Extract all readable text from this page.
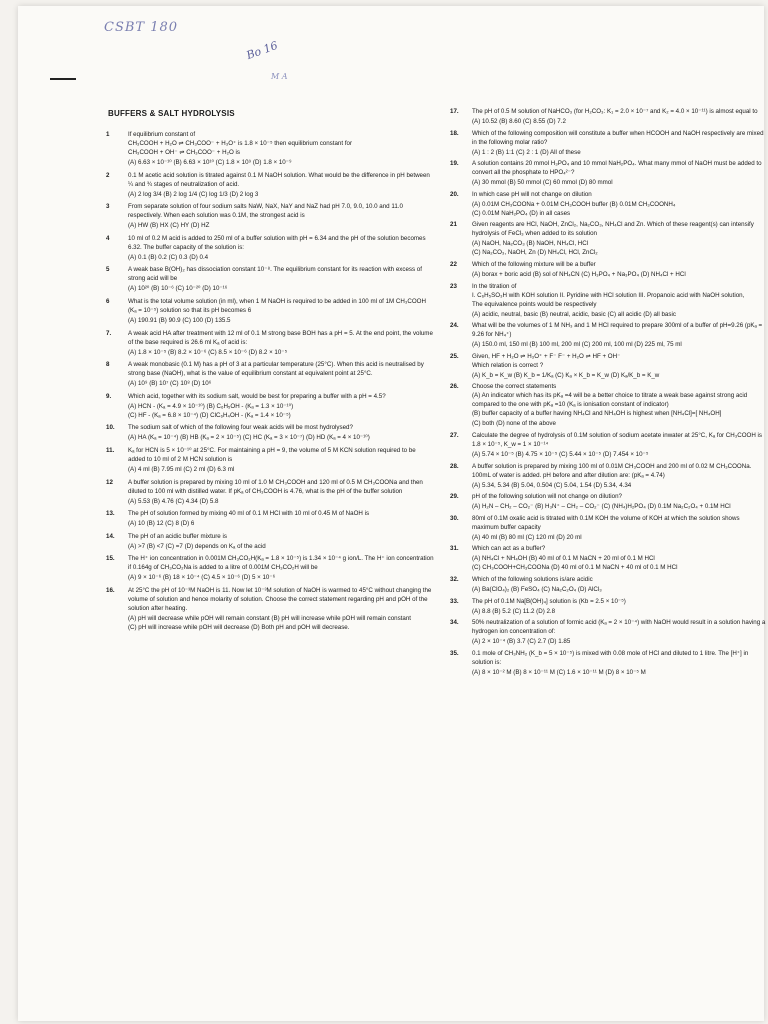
CSBT 180
Bo 16
M A
BUFFERS & SALT HYDROLYSIS
1	If equilibrium constant of
CH₃COOH + H₂O ⇌ CH₃COO⁻ + H₃O⁺ is 1.8 × 10⁻⁵ then equilibrium constant for
CH₃COOH + OH⁻ ⇌ CH₃COO⁻ + H₂O is
(A) 6.63 × 10⁻¹⁰ (B) 6.63 × 10¹⁰ (C) 1.8 × 10⁹ (D) 1.8 × 10⁻⁹
2	0.1 M acetic acid solution is titrated against 0.1 M NaOH solution. What would be the difference in pH between ¼ and ¾ stages of neutralization of acid.
(A) 2 log 3/4 (B) 2 log 1/4 (C) log 1/3 (D) 2 log 3
3	From separate solution of four sodium salts NaW, NaX, NaY and NaZ had pH 7.0, 9.0, 10.0 and 11.0 respectively. When each solution was 0.1M, the strongest acid is
(A) HW (B) HX (C) HY (D) HZ
4	10 ml of 0.2 M acid is added to 250 ml of a buffer solution with pH = 6.34 and the pH of the solution becomes 6.32. The buffer capacity of the solution is:
(A) 0.1 (B) 0.2 (C) 0.3 (D) 0.4
5	A weak base B(OH)₂ has dissociation constant 10⁻⁸. The equilibrium constant for its reaction with excess of strong acid will be
(A) 10²⁰ (B) 10⁻⁶ (C) 10⁻²⁰ (D) 10⁻¹⁶
6	What is the total volume solution (in ml), when 1 M NaOH is required to be added in 100 ml of 1M CH₃COOH (Kₐ = 10⁻⁵) solution so that its pH becomes 6
(A) 190.91 (B) 90.9 (C) 100 (D) 135.5
7.	A weak acid HA after treatment with 12 ml of 0.1 M strong base BOH has a pH = 5. At the end point, the volume of the base required is 26.6 ml Kₐ of acid is:
(A) 1.8 × 10⁻⁵ (B) 8.2 × 10⁻⁶ (C) 8.5 × 10⁻⁶ (D) 8.2 × 10⁻⁵
8	A weak monobasic (0.1 M) has a pH of 3 at a particular temperature (25°C). When this acid is neutralised by strong base (NaOH), what is the value of equilibrium constant at equivalent point at 25°C.
(A) 10⁹ (B) 10⁷ (C) 10⁸ (D) 10⁶
9.	Which acid, together with its sodium salt, would be best for preparing a buffer with a pH = 4.5?
(A) HCN - (Kₐ = 4.9 × 10⁻¹⁰) (B) C₆H₅OH - (Kₐ = 1.3 × 10⁻¹⁰)
(C) HF - (Kₐ = 6.8 × 10⁻⁴) (D) ClC₆H₄OH - (Kₐ = 1.4 × 10⁻⁵)
10.	The sodium salt of which of the following four weak acids will be most hydrolysed?
(A) HA (Kₐ = 10⁻⁴) (B) HB (Kₐ = 2 × 10⁻⁵) (C) HC (Kₐ = 3 × 10⁻⁷) (D) HD (Kₐ = 4 × 10⁻¹⁰)
11.	Kₐ for HCN is 5 × 10⁻¹⁰ at 25°C. For maintaining a pH = 9, the volume of 5 M KCN solution required to be added to 10 ml of 2 M HCN solution is
(A) 4 ml (B) 7.95 ml (C) 2 ml (D) 6.3 ml
12	A buffer solution is prepared by mixing 10 ml of 1.0 M CH₃COOH and 120 ml of 0.5 M CH₃COONa and then diluted to 100 ml with distilled water. If pKₐ of CH₃COOH is 4.76, what is the pH of the buffer solution
(A) 5.53 (B) 4.76 (C) 4.34 (D) 5.8
13.	The pH of solution formed by mixing 40 ml of 0.1 M HCl with 10 ml of 0.45 M of NaOH is
(A) 10 (B) 12 (C) 8 (D) 6
14.	The pH of an acidic buffer mixture is
(A) >7 (B) <7 (C) =7 (D) depends on Kₐ of the acid
15.	The H⁺ ion concentration in 0.001M CH₃CO₂H(Kₐ = 1.8 × 10⁻⁵) is 1.34 × 10⁻⁴ g ion/L. The H⁺ ion concentration if 0.164g of CH₃CO₂Na is added to a litre of 0.001M CH₃CO₂H will be
(A) 9 × 10⁻⁶ (B) 18 × 10⁻⁴ (C) 4.5 × 10⁻⁶ (D) 5 × 10⁻⁶
16.	At 25°C the pH of 10⁻³M NaOH is 11. Now let 10⁻³M solution of NaOH is warmed to 45°C without changing the volume of solution and hence molarity of solution. Choose the correct statement regarding pH and pOH of the solution after heating.
(A) pH will decrease while pOH will remain constant (B) pH will increase while pOH will remain constant
(C) pH will increase while pOH will decrease (D) Both pH and pOH will decrease.
17.	The pH of 0.5 M solution of NaHCO₃ (for H₂CO₃: K₁ = 2.0 × 10⁻⁷ and K₂ = 4.0 × 10⁻¹¹) is almost equal to
(A) 10.52 (B) 8.60 (C) 8.55 (D) 7.2
18.	Which of the following composition will constitute a buffer when HCOOH and NaOH respectively are mixed in the following molar ratio?
(A) 1 : 2 (B) 1:1 (C) 2 : 1 (D) All of these
19.	A solution contains 20 mmol H₃PO₄ and 10 mmol NaH₂PO₄. What many mmol of NaOH must be added to convert all the phosphate to HPO₄²⁻?
(A) 30 mmol (B) 50 mmol (C) 60 mmol (D) 80 mmol
20.	In which case pH will not change on dilution
(A) 0.01M CH₃COONa + 0.01M CH₃COOH buffer (B) 0.01M CH₃COONH₄
(C) 0.01M NaH₂PO₄ (D) in all cases
21	Given reagents are HCl, NaOH, ZnCl₂, Na₂CO₃, NH₄Cl and Zn. Which of these reagent(s) can intensify hydrolysis of FeCl₃ when added to its solution
(A) NaOH, Na₂CO₃ (B) NaOH, NH₄Cl, HCl
(C) Na₂CO₃, NaOH, Zn (D) NH₄Cl, HCl, ZnCl₂
22	Which of the following mixture will be a buffer
(A) borax + boric acid (B) sol of NH₄CN (C) H₃PO₄ + Na₃PO₄ (D) NH₄Cl + HCl
23	In the titration of
I. C₆H₅SO₃H with KOH solution II. Pyridine with HCl solution III. Propanoic acid with NaOH solution,
The equivalence points would be respectively
(A) acidic, neutral, basic (B) neutral, acidic, basic (C) all acidic (D) all basic
24.	What will be the volumes of 1 M NH₃ and 1 M HCl required to prepare 300ml of a buffer of pH=9.26 (pKₐ = 9.26 for NH₄⁺)
(A) 150.0 ml, 150 ml (B) 100 ml, 200 ml (C) 200 ml, 100 ml (D) 225 ml, 75 ml
25.	Given, HF + H₂O ⇌ H₃O⁺ + F⁻ F⁻ + H₂O ⇌ HF + OH⁻
Which relation is correct ?
(A) K_b = K_w (B) K_b = 1/Kₐ (C) Kₐ × K_b = K_w (D) Kₐ/K_b = K_w
26.	Choose the correct statements
(A) An indicator which has its pKₐ =4 will be a better choice to titrate a weak base against strong acid compared to the one with pKₐ =10 (Kₐ is ionisation constant of indicator)
(B) buffer capacity of a buffer having NH₄Cl and NH₄OH is highest when [NH₄Cl]=[ NH₄OH]
(C) both (D) none of the above
27.	Calculate the degree of hydrolysis of 0.1M solution of sodium acetate inwater at 25°C, Kₐ for CH₃COOH is 1.8 × 10⁻⁵, K_w = 1 × 10⁻¹⁴
(A) 5.74 × 10⁻⁵ (B) 4.75 × 10⁻⁵ (C) 5.44 × 10⁻⁵ (D) 7.454 × 10⁻⁵
28.	A buffer solution is prepared by mixing 100 ml of 0.01M CH₃COOH and 200 ml of 0.02 M CH₃COONa. 100mL of water is added. pH before and after dilution are: (pKₐ = 4.74)
(A) 5.34, 5.34 (B) 5.04, 0.504 (C) 5.04, 1.54 (D) 5.34, 4.34
29.	pH of the following solution will not change on dilution?
(A) H₂N – CH₂ – CO₂⁻ (B) H₃N⁺ – CH₂ – CO₂⁻ (C) (NH₄)H₂PO₄ (D) 0.1M Na₂C₂O₄ + 0.1M HCl
30.	80ml of 0.1M oxalic acid is titrated with 0.1M KOH the volume of KOH at which the solution shows maximum buffer capacity
(A) 40 ml (B) 80 ml (C) 120 ml (D) 20 ml
31.	Which can act as a buffer?
(A) NH₄Cl + NH₄OH (B) 40 ml of 0.1 M NaCN + 20 ml of 0.1 M HCl
(C) CH₃COOH+CH₃COONa (D) 40 ml of 0.1 M NaCN + 40 ml of 0.1 M HCl
32.	Which of the following solutions is/are acidic
(A) Ba(ClO₄)₂ (B) FeSO₄ (C) Na₂C₂O₄ (D) AlCl₃
33.	The pH of 0.1M Na[B(OH)₄] solution is (Kb = 2.5 × 10⁻⁵)
(A) 8.8 (B) 5.2 (C) 11.2 (D) 2.8
34.	50% neutralization of a solution of formic acid (Kₐ = 2 × 10⁻⁴) with NaOH would result in a solution having a hydrogen ion concentration of:
(A) 2 × 10⁻⁴ (B) 3.7 (C) 2.7 (D) 1.85
35.	0.1 mole of CH₃NH₂ (K_b = 5 × 10⁻⁵) is mixed with 0.08 mole of HCl and diluted to 1 litre. The [H⁺] in solution is:
(A) 8 × 10⁻² M (B) 8 × 10⁻¹¹ M (C) 1.6 × 10⁻¹¹ M (D) 8 × 10⁻⁵ M
